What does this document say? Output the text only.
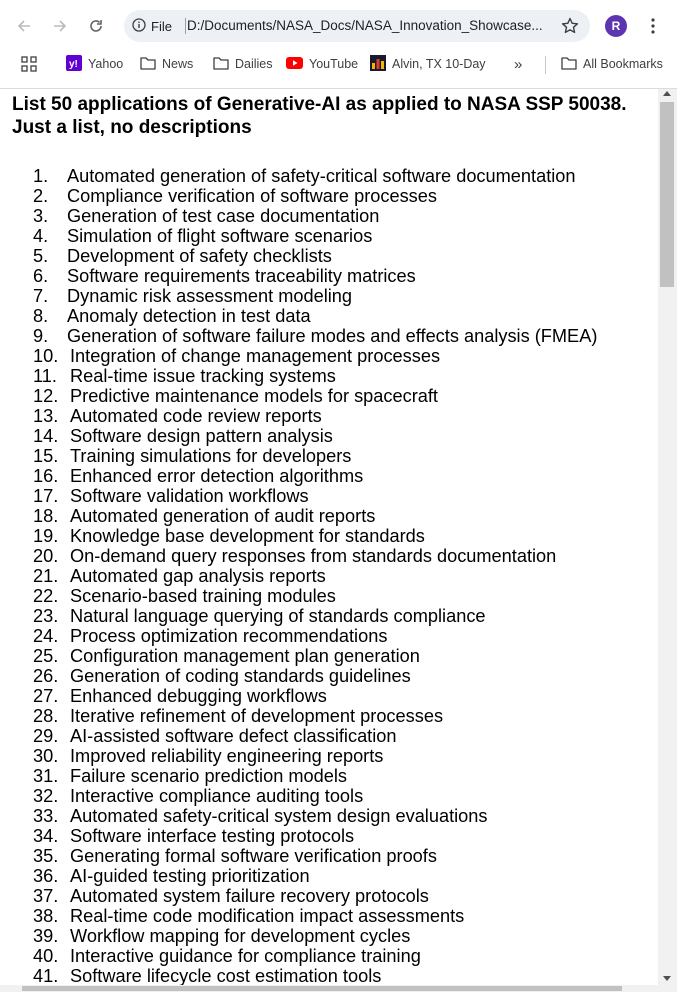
File D:/Documents/NASA_Docs/NASA_Innovation_Showcase...	R
y! Yahoo	News	Dailies	YouTube	Alvin, TX 10-Day »	All Bookmarks
List 50 applications of Generative-AI as applied to NASA SSP 50038. Just a list, no descriptions
1.	Automated generation of safety-critical software documentation
2.	Compliance verification of software processes
3.	Generation of test case documentation
4.	Simulation of flight software scenarios
5.	Development of safety checklists
6.	Software requirements traceability matrices
7.	Dynamic risk assessment modeling
8.	Anomaly detection in test data
9.	Generation of software failure modes and effects analysis (FMEA)
10. Integration of change management processes
11. Real-time issue tracking systems
12. Predictive maintenance models for spacecraft
13. Automated code review reports
14. Software design pattern analysis
15. Training simulations for developers
16. Enhanced error detection algorithms
17. Software validation workflows
18. Automated generation of audit reports
19. Knowledge base development for standards
20. On-demand query responses from standards documentation
21. Automated gap analysis reports
22. Scenario-based training modules
23. Natural language querying of standards compliance
24. Process optimization recommendations
25. Configuration management plan generation
26. Generation of coding standards guidelines
27. Enhanced debugging workflows
28. Iterative refinement of development processes
29. AI-assisted software defect classification
30. Improved reliability engineering reports
31. Failure scenario prediction models
32. Interactive compliance auditing tools
33. Automated safety-critical system design evaluations
34. Software interface testing protocols
35. Generating formal software verification proofs
36. AI-guided testing prioritization
37. Automated system failure recovery protocols
38. Real-time code modification impact assessments
39. Workflow mapping for development cycles
40. Interactive guidance for compliance training
41. Software lifecycle cost estimation tools
